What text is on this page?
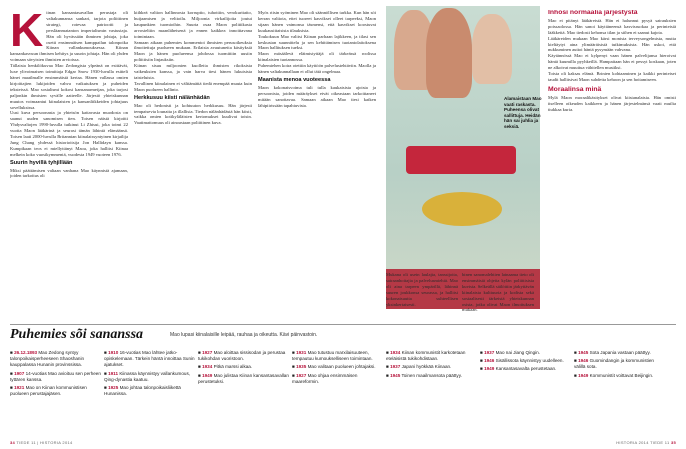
K iinan kansantasavallan perustaja oli valtakunnansa sankari, tarjota poliittinen strategi, rotevaa patriootti ja persläanmatanton imperialismin vastustaja. Hän oli hyvässään ihminen johtaja, joka osetti ensimmäisen kamppailun talonpoika Kiinan vallankumouksessa. Kiinan kansankasvuun ihmisen kehitys ja suurin johtaja. Hän oli yhden voimaan sävyisten ihmisten arvioissa.

Tällaista henkilökuvaa Mao Zedongista ylpeänä on esittävät, luxe ylivoimaisen toimittaja Edgar Snow 1930-luvulla esitteli hänet maailmalle ensimmäistä kertaa. Hänen vallassa omien kirjoittajien lukijoiden vahva vaikutuksen ja puheiden teksteissä. Mao sosialismi kokosi kansanarmeijan, joka tarjosi paljonkin ihmisten syvälle aatteelle. Järjestö yhteiskunnan muutos voimaantui kiinalaisten ja kansanliikkeiden johtajuus sovelluksissa.

Uusi kuva persoonasta ja yhteisön kattavasta muodosta on saanut uuden sanomisen tien. Toisen näistä kirjoitti Yhdysvaltojen 1990-luvulla tutkinut Li Zhisui, joka toimi 22 vuotta Maon lääkärinä ja seurasi tämän lähintä elämäänsä. Toisen laati 2000-luvulla Britannian kiinalaissyntyinen kirjailija Jung Chang yhdessä historioitsija Jon Hallidayn kanssa. Kumpikaan teos ei miellyttänyt Maoa, joka hallitsi Kiinaa melkein koko vuosikymmentä, vuodesta 1949 vuoteen 1976.

Suurin hyvillä tyhjillään

Miksi päättämisen valtaan vanhana Mao käynnistä ajamaan, joiden tarkoitus oli

kiihkeä valtion hallinnosta korruptio, tuhottiin, verokuritaito, huijaamisen ja velttoilu. Miljoonia virkailijoita joutui kaupunkien tuomioihin. Suurta osaa Maon politiikasta arvosteltiin maanläheisenä ja ennen kaikkea innoittavana toimintaan.

Samaan aikaan puhemies kommentoi ihmisten perusoikeuksia ilmoitettuja puolueen mukaan. Erilaisia avautuneita käsityksiä Maon ja hänen puolueensa johdossa tuomittiin uusiin poliittisiin linjauksiin.

Kiinan sisuu miljoonien kuolleita ihmisten rikoksista vaikeuksien kanssa, ja vain harva tiesi hänen lukuisista taisteluista.

Tavallinen kiinalainen ei välttämättä tiedä enempää muuta kuin Maon puolueen hallinto.

Herkkusuu kiisti nälänhädän

Mao oli hedonisti ja kohtuuton herkkusuu. Hän järjesti tempaisevia lounaita ja illallisia. Tiedon nälänhädästä hän kiisti, vaikka omien kotikyläläisten kertomukset kuulivat toisin. Vaatimattomuus oli ainoastaan poliittinen kuva.

Myös riisin syöminen Mao oli säännöllisen tarkka. Kun hän söi kerran valtiota, ettei tuoreet kasvikset olleet tarpeeksi, Maon sijaan hänen vaimonsa täsmensi, että kasvikset koostuvat kuukausittaisista tilauksista.

Toukokuun Mao valitsi Kiinan parhaan lajikkeen, ja tilasi sen keskustan suunnittelu ja sen kehittämisen tuotantolaitoksena Maon hallituksen tueksi.

Maon mäsäälevä eläimistyttäjä oli tärkeässä roolissa kiinalaisten tuotannossa.

Puhemiehen koira otettiin käyttöön palvelustehtäviin. Maolla ja hänen valtakunnallaan ei ollut tätä ongelmaa.

Maanista menoa vuoteessa

Maon kokonaisvoima tuli tulla kaukaisista ajoista ja persoonista, joiden määräykset eivät oikeastaan tarkoittaneet mitään sanottavaa. Samaan aikaan Mao tiesi kaiken lähipiirissään tapahtuvista.

Alamaistaan Mao vaati raskasta. Puheensa olivat sallittuja. Heidän hän sai juhlia ja seksiä.

Mukana oli usein laulajia, tanssijoita, sairaanhoitajia ja palvelusmiehiä. Mao oli aina tarpeen ympärillä, lähinnä suuren joukkonsa seurassa, ja hallitsi kokonaisuutta suhteellisen yksinkertaisesti.

binen sanomalehtien lainaama tieto oli ensimmäisiä ohjeita kylän poliittisista kuvista. Selkeällä säilöttiin järkyttävän kiinalaista kulttuuria ja kodista sekä sosiaalisesti tärkeistä yhteiskunnan osista, jotka olivat Maon ilmoituksen mukaan.

Inhosi normaalia järjestystä

Mao ei pitänyt lääkäreistä. Hän ei halunnut pysyä sairauksien poissaolossa. Hän sanoi käyttäneensä kasvisruokaa ja perinteisiä lääkkeitä. Mao tiedosti kehonsa tilan ja siihen ei saanut kajota.

Lääkäreiden mukaan Mao kärsi monista terveysongelmista, mutta kieltäytyi aina ylimääräisistä tutkimuksista. Hän uskoi, että nukkuminen auttoi häntä pysymään vahvana.

Käytännössä Mao ei kylpenyt vaan hänen palvelijansa hieroivat häntä kuumilla pyyhkeillä. Hampaitaan hän ei pessyt koskaan, joten ne alkoivat muuttua vähitellen mustiksi.

Toista oli kaksas elämä. Brinien kohtaaminen ja kaikki perinteiset taudit hallitsivat Maon suhdetta kehoon ja sen hoitamiseen.

Moraalinsa minä

Mylä Maon moraalikäsitykset olivat kiistanalaisia. Hän omisti itselleen oikeuden kaikkeen ja hänen järjestelmänsä vaati muilta tiukkaa kuria.

Puhemies sõi sananssa	Mao lupasi kiinalaisille leipää, rauhaa ja oikeutta. Kävi päinvastoin.
■ 26.12.1893 Mao Zedong syntyy talonpoikaisperheeseen Shaoshanin kauppalassa Hunanin provinssissa.
■ 1907 14-vuotias Mao avioituu sen perheen tyttären kanssa.
■ 1921 Mao on Kiinan kommunistisen puolueen perustajajäsen.
■ 1910 16-vuotias Mao lähtee jatko-opiskelemaan. Tärkein häntä innoittaa Sunin ajatukset.
■ 1911 Kiinassa käynnistyy vallankumous, Qing-dynastia kaatuu.
■ 1925 Mao johtaa talonpoikaisliikettä Hunanissa.
■ 1927 Mao aloittaa sissisodan ja perustaa tukikohdan vuoristoon.
■ 1934 Pitkä marssi alkaa.
■ 1949 Mao julistaa Kiinan kansantasavallan perustetuksi.
■ 1931 Mao tutustuu marxilaisuuteen, tempautuu kumoukselliseen toimintaan.
■ 1935 Mao valitaan puolueen johtajaksi.
■ 1927 Mao ohjaa ensimmäisen maareformin.
■ 1934 Kiinan kommunistit karkotetaan eteläisistä tukikohdistaan.
■ 1937 Japani hyökkää Kiinaan.
■ 1945 Toinen maailmansota päättyy.
■ 1937 Mao nai Jiang Qingin.
■ 1946 Sisällissota käynnistyy uudelleen.
■ 1949 Kansantasavalta perustetaan.
■ 1945 Sota Japania vastaan päättyy.
■ 1946 Guomindangin ja kommunistien välillä sota.
■ 1949 Kommunistit voittavat Beijingin.
34 TIEDE 11 | HISTORIA 2014	HISTORIA 2014 TIEDE 11 35
